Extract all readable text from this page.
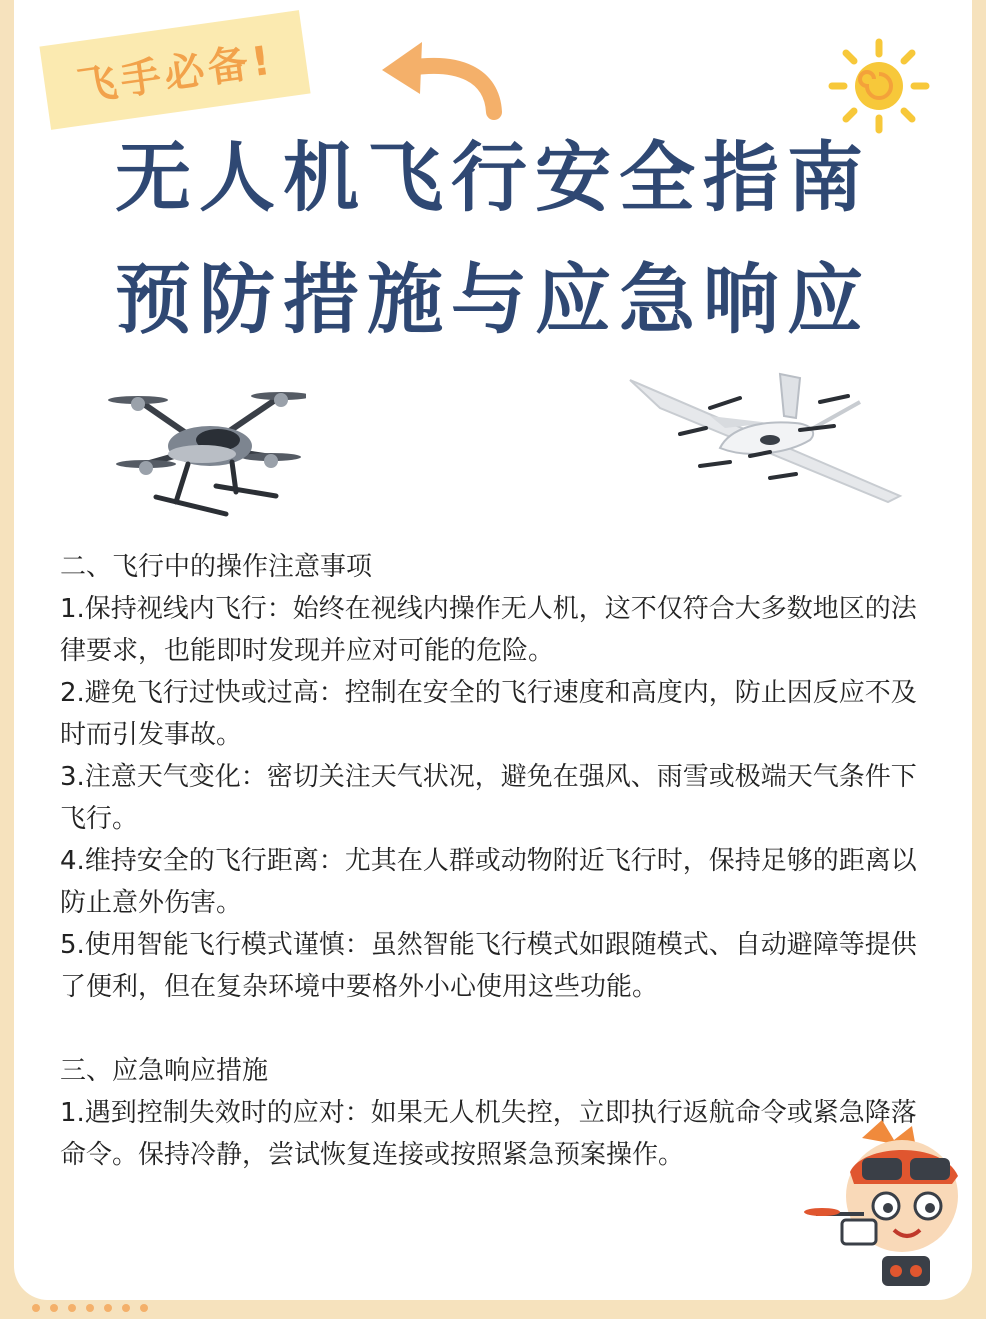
飞手必备!
无人机飞行安全指南
预防措施与应急响应

二、飞行中的操作注意事项

1.保持视线内飞行：始终在视线内操作无人机，这不仅符合大多数地区的法律要求，也能即时发现并应对可能的危险。

2.避免飞行过快或过高：控制在安全的飞行速度和高度内，防止因反应不及时而引发事故。

3.注意天气变化：密切关注天气状况，避免在强风、雨雪或极端天气条件下飞行。

4.维持安全的飞行距离：尤其在人群或动物附近飞行时，保持足够的距离以防止意外伤害。

5.使用智能飞行模式谨慎：虽然智能飞行模式如跟随模式、自动避障等提供了便利，但在复杂环境中要格外小心使用这些功能。

三、应急响应措施

1.遇到控制失效时的应对：如果无人机失控，立即执行返航命令或紧急降落命令。保持冷静，尝试恢复连接或按照紧急预案操作。
